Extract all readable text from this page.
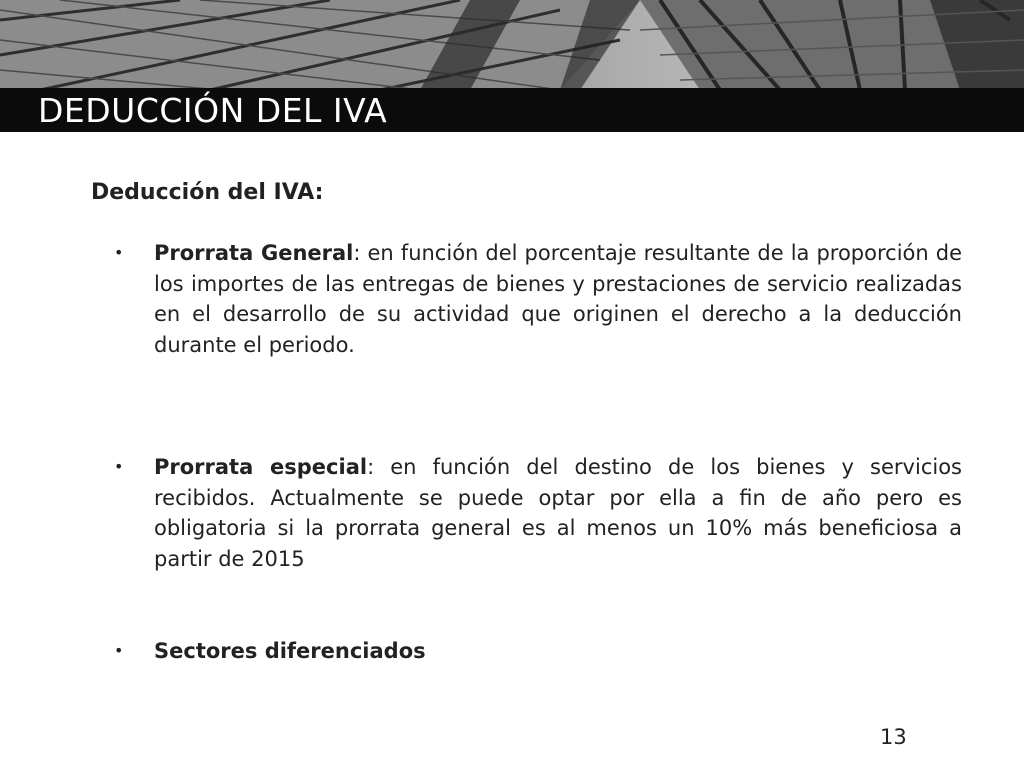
DEDUCCIÓN DEL IVA
Deducción del IVA:
• Prorrata General: en función del porcentaje resultante de la proporción de los importes de las entregas de bienes y prestaciones de servicio realizadas en el desarrollo de su actividad que originen el derecho a la deducción durante el periodo.
• Prorrata especial: en función del destino de los bienes y servicios recibidos. Actualmente se puede optar por ella a fin de año pero es obligatoria si la prorrata general es al menos un 10% más beneficiosa a partir de 2015
• Sectores diferenciados
13
